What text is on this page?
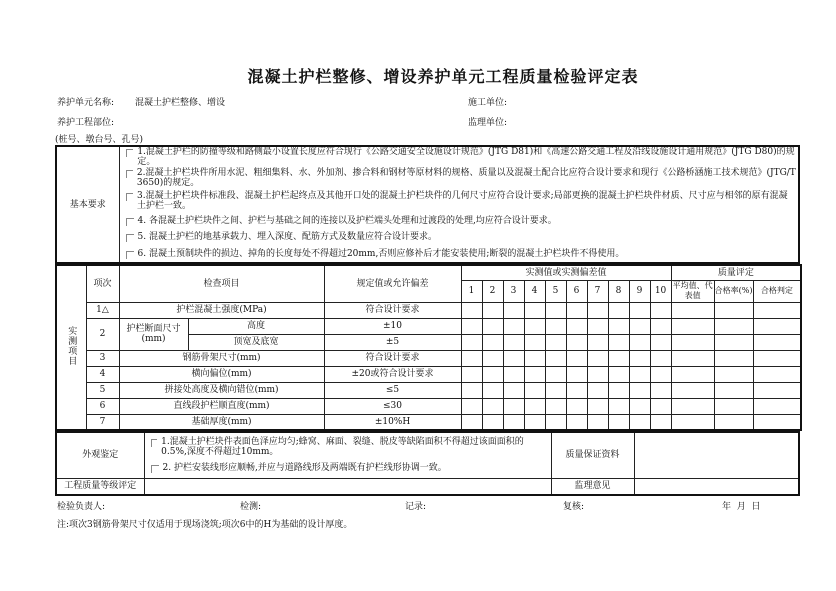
混凝土护栏整修、增设养护单元工程质量检验评定表
养护单元名称: 混凝土护栏整修、增设	施工单位:
养护工程部位:	监理单位:
(桩号、墩台号、孔号)
基本要求	
1.混凝土护栏的防撞等级和路侧最小设置长度应符合现行《公路交通安全设施设计规范》(JTG D81)和《高速公路交通工程及沿线设施设计通用规范》(JTG D80)的规定。

2.混凝土护栏块件所用水泥、粗细集料、水、外加剂、掺合料和钢材等原材料的规格、质量以及混凝土配合比应符合设计要求和现行《公路桥涵施工技术规范》(JTG/T 3650)的规定。

3.混凝土护栏块件标准段、混凝土护栏起终点及其他开口处的混凝土护栏块件的几何尺寸应符合设计要求;局部更换的混凝土护栏块件材质、尺寸应与相邻的原有混凝土护栏一致。

4. 各混凝土护栏块件之间、护栏与基础之间的连接以及护栏端头处理和过渡段的处理,均应符合设计要求。

5. 混凝土护栏的地基承载力、埋入深度、配筋方式及数量应符合设计要求。

6. 混凝土预制块件的损边、掉角的长度每处不得超过20mm,否则应修补后才能安装使用;断裂的混凝土护栏块件不得使用。
实测项目	项次	检查项目		规定值或允许偏差	实测值或实测偏差值										质量评定		
					1	2	3	4	5	6	7	8	9	10	平均值、代表值	合格率(%)	合格判定
	1△	护栏混凝土强度(MPa)		符合设计要求													
	2	护栏断面尺寸(mm)	高度	±10													
			顶宽及底宽	±5													
	3	钢筋骨架尺寸(mm)		符合设计要求													
	4	横向偏位(mm)		±20或符合设计要求													
	5	拼接处高度及横向错位(mm)		≤5													
	6	直线段护栏顺直度(mm)		≤30													
	7	基础厚度(mm)		±10%H													
外观鉴定	1.混凝土护栏块件表面色泽应均匀;蜂窝、麻面、裂缝、脱皮等缺陷面积不得超过该面面积的0.5%,深度不得超过10mm。
2. 护栏安装线形应顺畅,并应与道路线形及两端既有护栏线形协调一致。	质量保证资料	
工程质量等级评定		监理意见	
检验负责人:	检测:	记录:	复核:	年  月  日
注:项次3钢筋骨架尺寸仅适用于现场浇筑;项次6中的H为基础的设计厚度。
